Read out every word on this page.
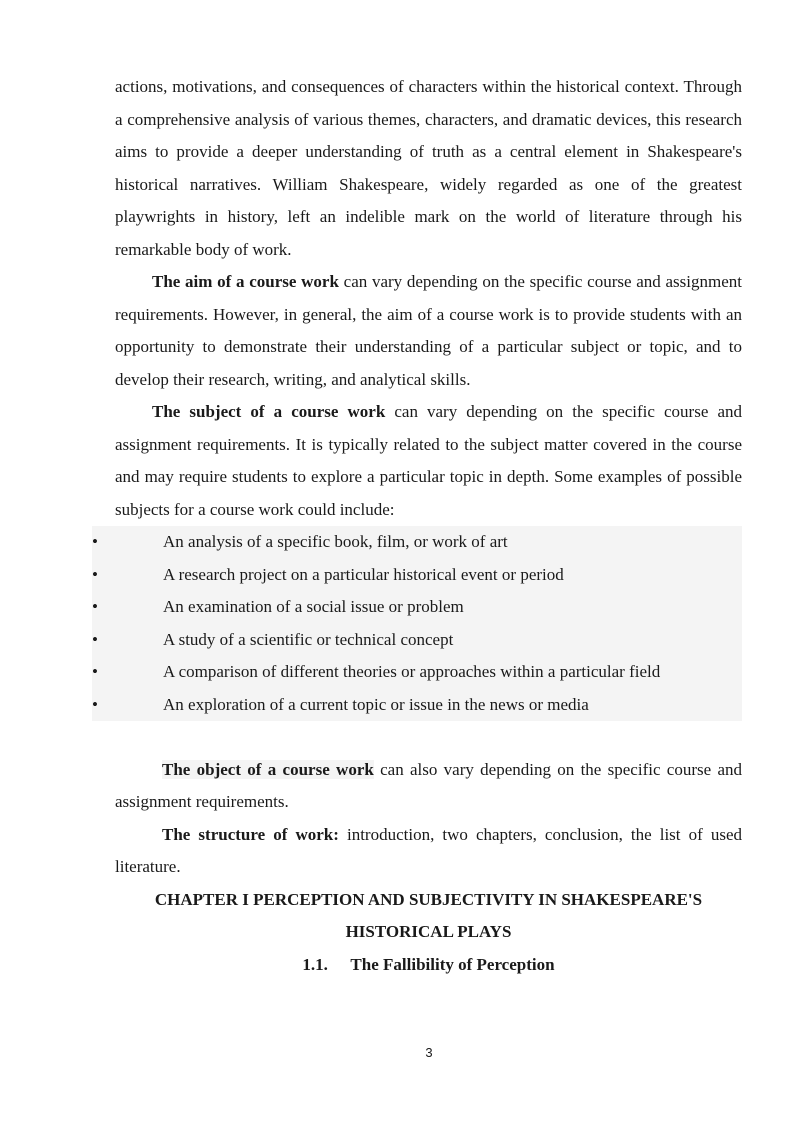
actions, motivations, and consequences of characters within the historical context. Through a comprehensive analysis of various themes, characters, and dramatic devices, this research aims to provide a deeper understanding of truth as a central element in Shakespeare's historical narratives. William Shakespeare, widely regarded as one of the greatest playwrights in history, left an indelible mark on the world of literature through his remarkable body of work.

The aim of a course work can vary depending on the specific course and assignment requirements. However, in general, the aim of a course work is to provide students with an opportunity to demonstrate their understanding of a particular subject or topic, and to develop their research, writing, and analytical skills.

The subject of a course work can vary depending on the specific course and assignment requirements. It is typically related to the subject matter covered in the course and may require students to explore a particular topic in depth. Some examples of possible subjects for a course work could include:

•	An analysis of a specific book, film, or work of art
•	A research project on a particular historical event or period
•	An examination of a social issue or problem
•	A study of a scientific or technical concept
•	A comparison of different theories or approaches within a particular field
•	An exploration of a current topic or issue in the news or media

The object of a course work can also vary depending on the specific course and assignment requirements.

The structure of work: introduction, two chapters, conclusion, the list of used literature.

CHAPTER I PERCEPTION AND SUBJECTIVITY IN SHAKESPEARE'S
HISTORICAL PLAYS
1.1. The Fallibility of Perception
3
